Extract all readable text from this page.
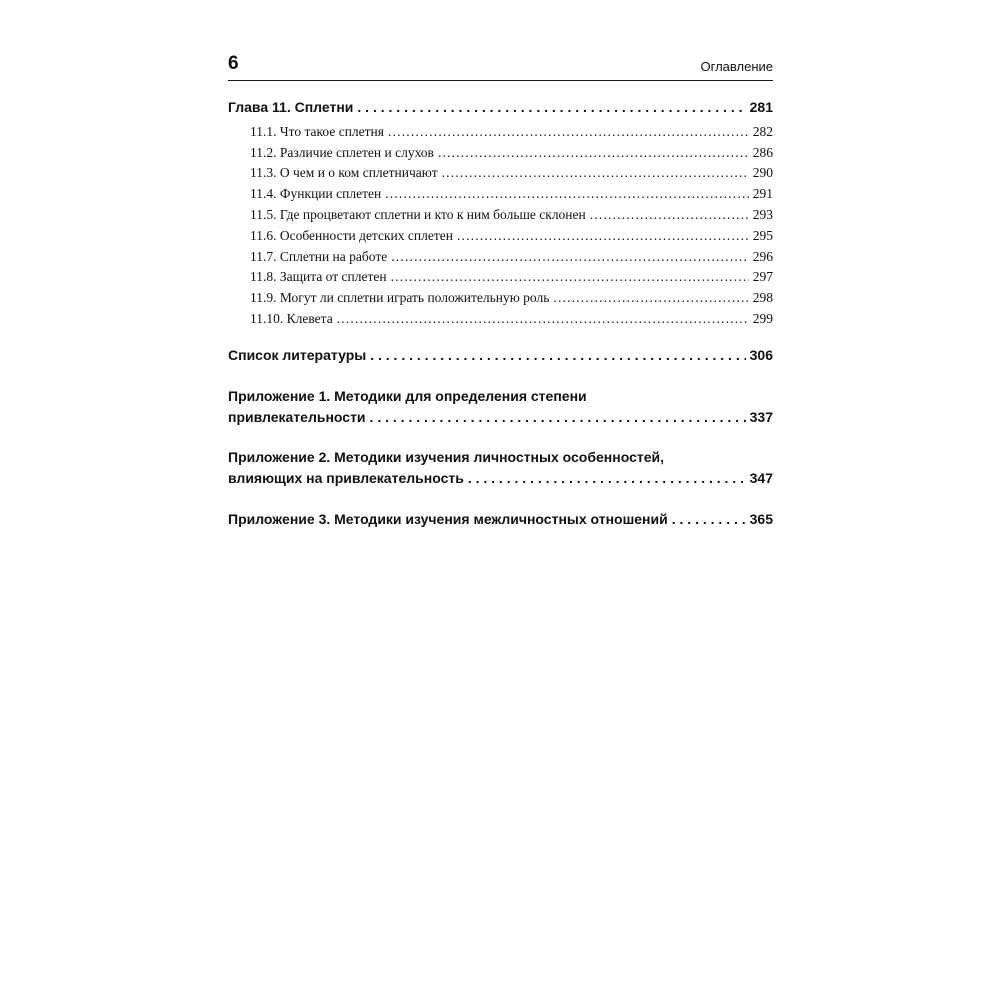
6	Оглавление
Глава 11. Сплетни . . .	281
11.1. Что такое сплетня .....	282
11.2. Различие сплетен и слухов .....	286
11.3. О чем и о ком сплетничают .....	290
11.4. Функции сплетен .....	291
11.5. Где процветают сплетни и кто к ним больше склонен .....	293
11.6. Особенности детских сплетен .....	295
11.7. Сплетни на работе .....	296
11.8. Защита от сплетен .....	297
11.9. Могут ли сплетни играть положительную роль .....	298
11.10. Клевета .....	299
Список литературы . . .	306
Приложение 1. Методики для определения степени
привлекательности . . .	337
Приложение 2. Методики изучения личностных особенностей,
влияющих на привлекательность . . .	347
Приложение 3. Методики изучения межличностных отношений . . .	365
